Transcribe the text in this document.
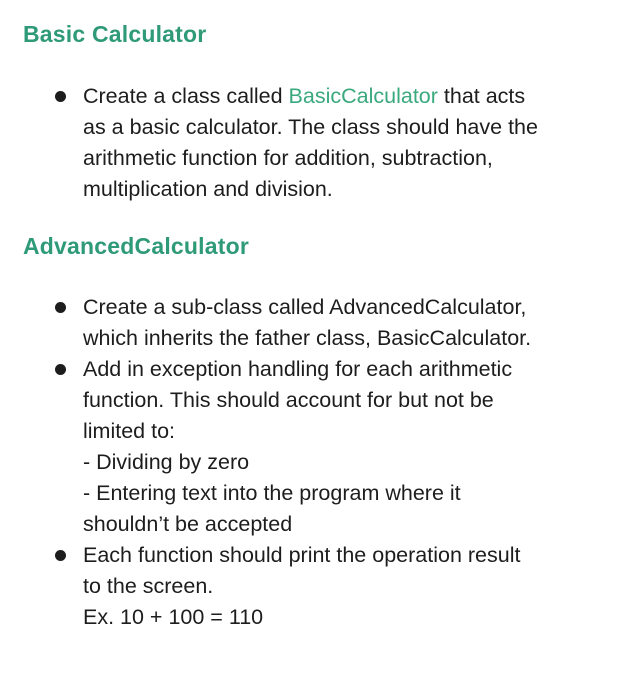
Basic Calculator
Create a class called BasicCalculator that acts
as a basic calculator. The class should have the
arithmetic function for addition, subtraction,
multiplication and division.
AdvancedCalculator
Create a sub-class called AdvancedCalculator,
which inherits the father class, BasicCalculator.
Add in exception handling for each arithmetic
function. This should account for but not be
limited to:
- Dividing by zero
- Entering text into the program where it
shouldn’t be accepted
Each function should print the operation result
to the screen.
Ex. 10 + 100 = 110
